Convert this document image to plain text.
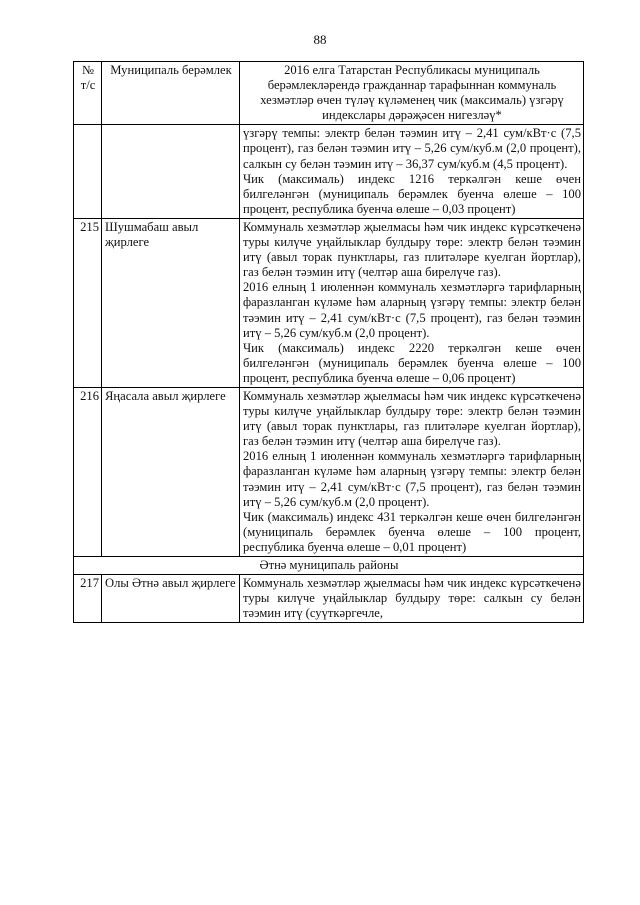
88
№ т/с	Муниципаль берәмлек	2016 елга Татарстан Республикасы муниципаль берәмлекләрендә гражданнар тарафыннан коммуналь хезмәтләр өчен түләү күләменең чик (максималь) үзгәрү индекслары дәрәҗәсен нигезләү*

		үзгәрү темпы: электр белән тәэмин итү – 2,41 сум/кВт·с (7,5 процент), газ белән тәэмин итү – 5,26 сум/куб.м (2,0 процент), салкын су белән тәэмин итү – 36,37 сум/куб.м (4,5 процент).

Чик (максималь) индекс 1216 теркәлгән кеше өчен билгеләнгән (муниципаль берәмлек буенча өлеше – 100 процент, республика буенча өлеше – 0,03 процент)

215	Шушмабаш авыл җирлеге	Коммуналь хезмәтләр җыелмасы һәм чик индекс күрсәткеченә туры килүче уңайлыклар булдыру төре: электр белән тәэмин итү (авыл торак пунктлары, газ плитәләре куелган йортлар), газ белән тәэмин итү (челтәр аша бирелүче газ).

2016 елның 1 июленнән коммуналь хезмәтләргә тарифларның фаразланган күләме һәм аларның үзгәрү темпы: электр белән тәэмин итү – 2,41 сум/кВт·с (7,5 процент), газ белән тәэмин итү – 5,26 сум/куб.м (2,0 процент).

Чик (максималь) индекс 2220 теркәлгән кеше өчен билгеләнгән (муниципаль берәмлек буенча өлеше – 100 процент, республика буенча өлеше – 0,06 процент)

216	Яңасала авыл җирлеге	Коммуналь хезмәтләр җыелмасы һәм чик индекс күрсәткеченә туры килүче уңайлыклар булдыру төре: электр белән тәэмин итү (авыл торак пунктлары, газ плитәләре куелган йортлар), газ белән тәэмин итү (челтәр аша бирелүче газ).

2016 елның 1 июленнән коммуналь хезмәтләргә тарифларның фаразланган күләме һәм аларның үзгәрү темпы: электр белән тәэмин итү – 2,41 сум/кВт·с (7,5 процент), газ белән тәэмин итү – 5,26 сум/куб.м (2,0 процент).

Чик (максималь) индекс 431 теркәлгән кеше өчен билгеләнгән (муниципаль берәмлек буенча өлеше – 100 процент, республика буенча өлеше – 0,01 процент)

Әтнә муниципаль районы		
217	Олы Әтнә авыл җирлеге	Коммуналь хезмәтләр җыелмасы һәм чик индекс күрсәткеченә туры килүче уңайлыклар булдыру төре: салкын су белән тәэмин итү (суүткәргечле,
